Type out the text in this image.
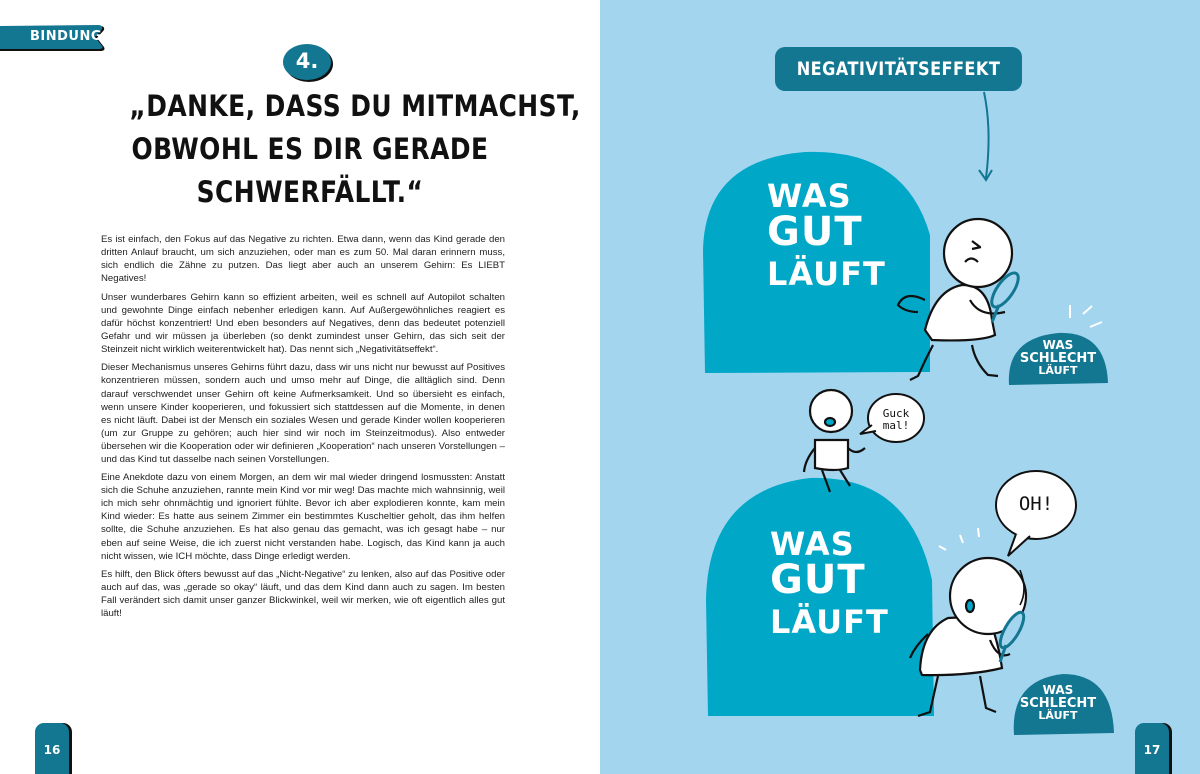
BINDUNG
4.
„DANKE, DASS DU MITMACHST,
OBWOHL ES DIR GERADE
SCHWERFÄLLT.“

Es ist einfach, den Fokus auf das Negative zu richten. Etwa dann, wenn das Kind gerade den dritten Anlauf braucht, um sich anzuziehen, oder man es zum 50. Mal daran erinnern muss, sich endlich die Zähne zu putzen. Das liegt aber auch an unserem Gehirn: Es LIEBT Negatives!

Unser wunderbares Gehirn kann so effizient arbeiten, weil es schnell auf Autopilot schalten und gewohnte Dinge einfach nebenher erledigen kann. Auf Außergewöhnliches reagiert es dafür höchst konzentriert! Und eben besonders auf Negatives, denn das bedeutet potenziell Gefahr und wir müssen ja überleben (so denkt zumindest unser Gehirn, das sich seit der Steinzeit nicht wirklich weiterentwickelt hat). Das nennt sich „Negativitätseffekt“.

Dieser Mechanismus unseres Gehirns führt dazu, dass wir uns nicht nur bewusst auf Positives konzentrieren müssen, sondern auch und umso mehr auf Dinge, die alltäglich sind. Denn darauf verschwendet unser Gehirn oft keine Aufmerksamkeit. Und so übersieht es einfach, wenn unsere Kinder kooperieren, und fokussiert sich stattdessen auf die Momente, in denen es nicht läuft. Dabei ist der Mensch ein soziales Wesen und gerade Kinder wollen kooperieren (um zur Gruppe zu gehören; auch hier sind wir noch im Steinzeitmodus). Also entweder übersehen wir die Kooperation oder wir definieren „Kooperation“ nach unseren Vorstellungen – und das Kind tut dasselbe nach seinen Vorstellungen.

Eine Anekdote dazu von einem Morgen, an dem wir mal wieder dringend losmussten: Anstatt sich die Schuhe anzuziehen, rannte mein Kind vor mir weg! Das machte mich wahnsinnig, weil ich mich sehr ohnmächtig und ignoriert fühlte. Bevor ich aber explodieren konnte, kam mein Kind wieder: Es hatte aus seinem Zimmer ein bestimmtes Kuscheltier geholt, das ihm helfen sollte, die Schuhe anzuziehen. Es hat also genau das gemacht, was ich gesagt habe – nur eben auf seine Weise, die ich zuerst nicht verstanden habe. Logisch, das Kind kann ja auch nicht wissen, wie ICH möchte, dass Dinge erledigt werden.

Es hilft, den Blick öfters bewusst auf das „Nicht-Negative“ zu lenken, also auf das Positive oder auch auf das, was „gerade so okay“ läuft, und das dem Kind dann auch zu sagen. Im besten Fall verändert sich damit unser ganzer Blickwinkel, weil wir merken, wie oft eigentlich alles gut läuft!

16
NEGATIVITÄTSEFFEKT
WAS
GUT
LÄUFT
WAS
SCHLECHT
LÄUFT
Guck mal!
WAS
GUT
LÄUFT
OH!
WAS
SCHLECHT
LÄUFT
17
